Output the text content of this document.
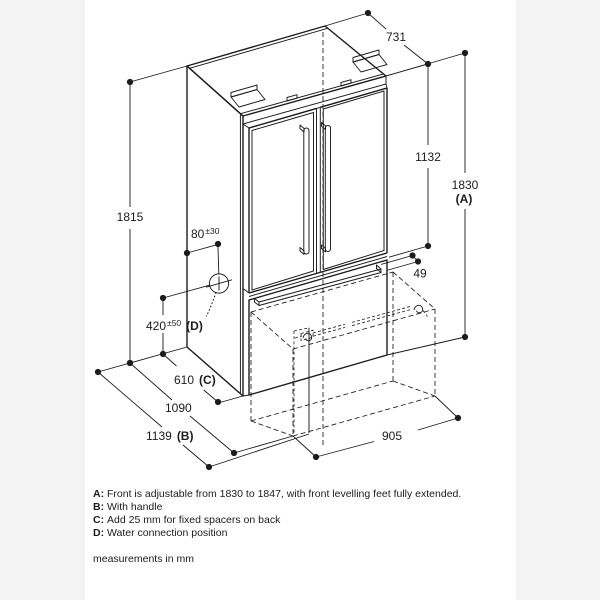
731
1132
1830
(A)
49
1815
$80^{\pm 30}$
$420^{\pm 50}$ (D)
610 (C)
1090
1139 (B)	905
A: Front is adjustable from 1830 to 1847, with front levelling feet fully extended.
B: With handle
C: Add 25 mm for fixed spacers on back
D: Water connection position
measurements in mm
